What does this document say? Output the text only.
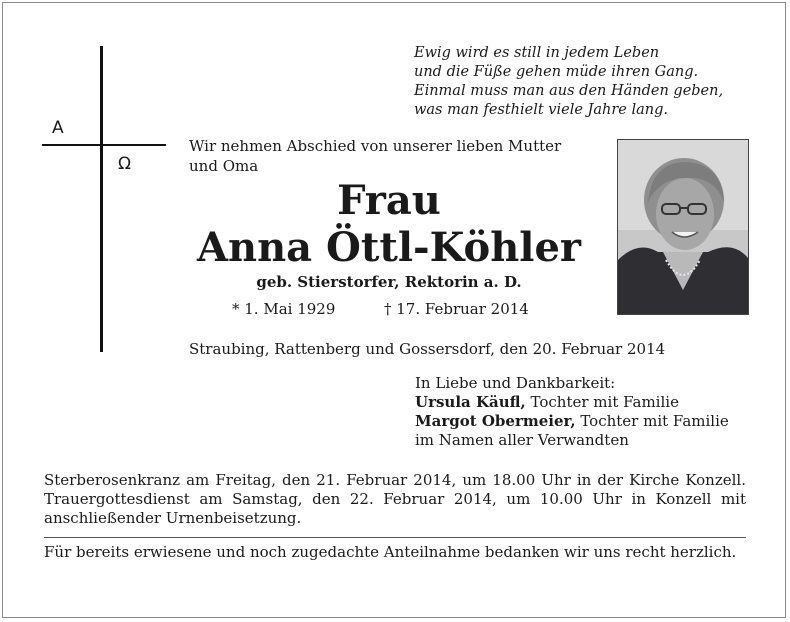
A
Ω
Ewig wird es still in jedem Leben
und die Füße gehen müde ihren Gang.
Einmal muss man aus den Händen geben,
was man festhielt viele Jahre lang.
Wir nehmen Abschied von unserer lieben Mutter
und Oma
Frau
Anna Öttl-Köhler
geb. Stierstorfer, Rektorin a. D.
* 1. Mai 1929	† 17. Februar 2014
Straubing, Rattenberg und Gossersdorf, den 20. Februar 2014
In Liebe und Dankbarkeit:
Ursula Käufl, Tochter mit Familie
Margot Obermeier, Tochter mit Familie
im Namen aller Verwandten
Sterberosenkranz am Freitag, den 21. Februar 2014, um 18.00 Uhr in der Kirche Konzell. Trauergottesdienst am Samstag, den 22. Februar 2014, um 10.00 Uhr in Konzell mit anschließender Urnenbeisetzung.
Für bereits erwiesene und noch zugedachte Anteilnahme bedanken wir uns recht herzlich.
